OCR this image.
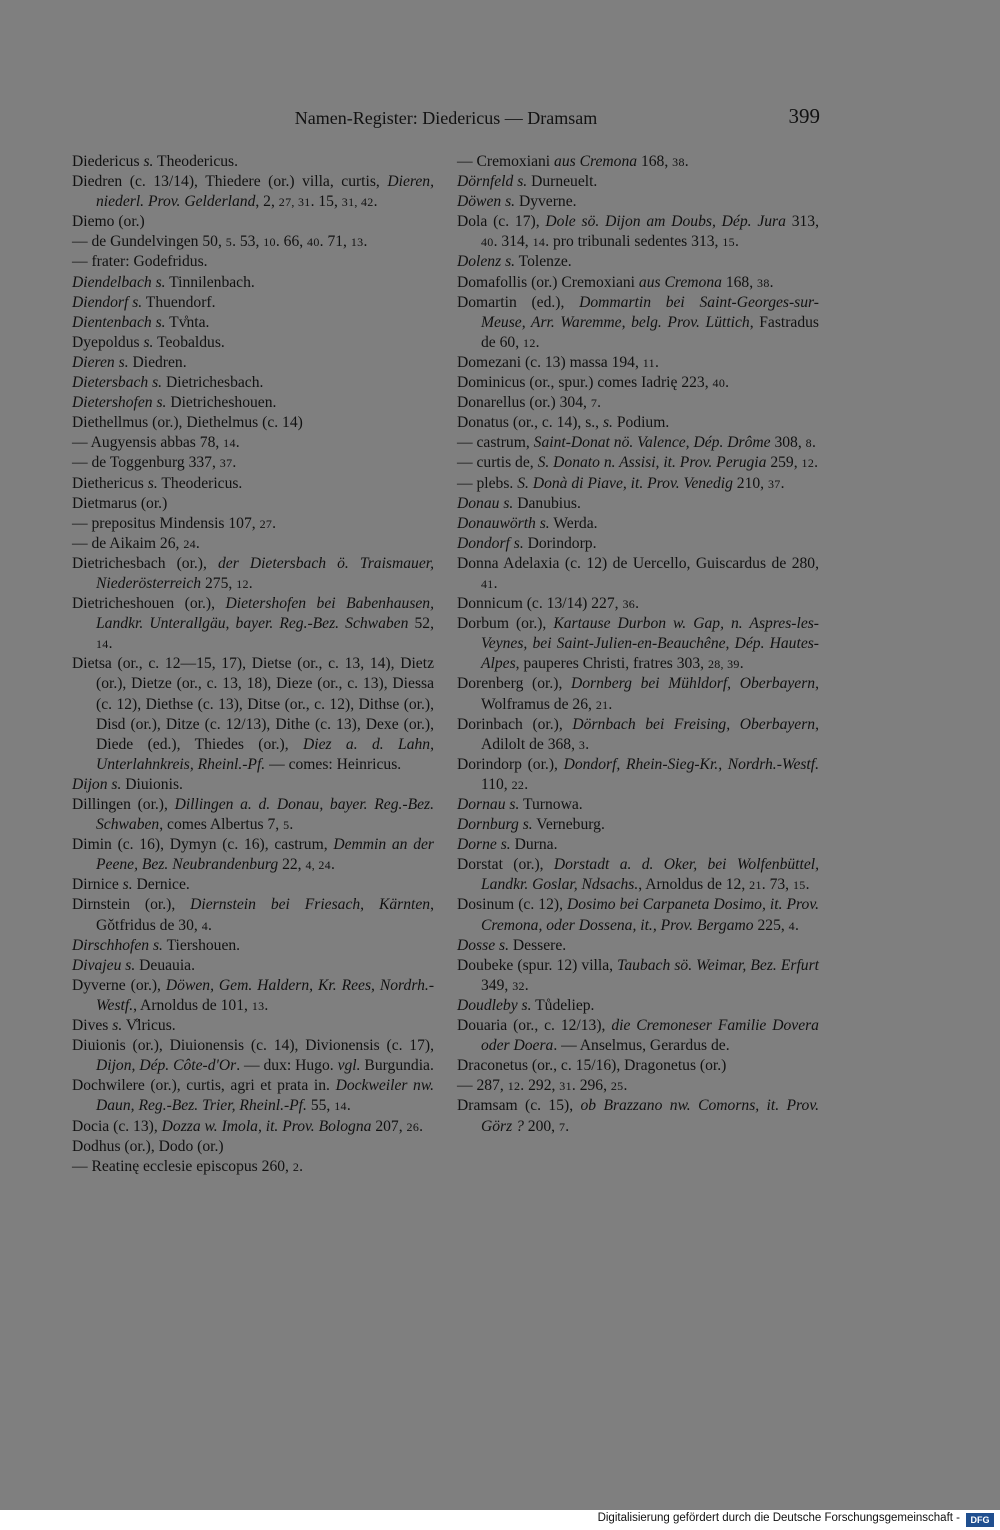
Namen-Register: Diedericus — Dramsam	399
Diedericus s. Theodericus.
Diedren (c. 13/14), Thiedere (or.) villa, curtis, Dieren, niederl. Prov. Gelderland, 2, 27, 31. 15, 31, 42.
Diemo (or.)
— de Gundelvingen 50, 5. 53, 10. 66, 40. 71, 13.
— frater: Godefridus.
Diendelbach s. Tinnilenbach.
Diendorf s. Thuendorf.
Dientenbach s. Tv̊nta.
Dyepoldus s. Teobaldus.
Dieren s. Diedren.
Dietersbach s. Dietrichesbach.
Dietershofen s. Dietricheshouen.
Diethellmus (or.), Diethelmus (c. 14)
— Augyensis abbas 78, 14.
— de Toggenburg 337, 37.
Diethericus s. Theodericus.
Dietmarus (or.)
— prepositus Mindensis 107, 27.
— de Aikaim 26, 24.
Dietrichesbach (or.), der Dietersbach ö. Traismauer, Niederösterreich 275, 12.
Dietricheshouen (or.), Dietershofen bei Babenhausen, Landkr. Unterallgäu, bayer. Reg.-Bez. Schwaben 52, 14.
Dietsa (or., c. 12—15, 17), Dietse (or., c. 13, 14), Dietz (or.), Dietze (or., c. 13, 18), Dieze (or., c. 13), Diessa (c. 12), Diethse (c. 13), Ditse (or., c. 12), Dithse (or.), Disd (or.), Ditze (c. 12/13), Dithe (c. 13), Dexe (or.), Diede (ed.), Thiedes (or.), Diez a. d. Lahn, Unterlahnkreis, Rheinl.-Pf. — comes: Heinricus.
Dijon s. Diuionis.
Dillingen (or.), Dillingen a. d. Donau, bayer. Reg.-Bez. Schwaben, comes Albertus 7, 5.
Dimin (c. 16), Dymyn (c. 16), castrum, Demmin an der Peene, Bez. Neubrandenburg 22, 4, 24.
Dirnice s. Dernice.
Dirnstein (or.), Diernstein bei Friesach, Kärnten, Gǒtfridus de 30, 4.
Dirschhofen s. Tiershouen.
Divajeu s. Deuauia.
Dyverne (or.), Döwen, Gem. Haldern, Kr. Rees, Nordrh.-Westf., Arnoldus de 101, 13.
Dives s. V̊lricus.
Diuionis (or.), Diuionensis (c. 14), Divionensis (c. 17), Dijon, Dép. Côte-d'Or. — dux: Hugo. vgl. Burgundia.
Dochwilere (or.), curtis, agri et prata in. Dockweiler nw. Daun, Reg.-Bez. Trier, Rheinl.-Pf. 55, 14.
Docia (c. 13), Dozza w. Imola, it. Prov. Bologna 207, 26.
Dodhus (or.), Dodo (or.)
— Reatinę ecclesie episcopus 260, 2.
— Cremoxiani aus Cremona 168, 38.
Dörnfeld s. Durneuelt.
Döwen s. Dyverne.
Dola (c. 17), Dole sö. Dijon am Doubs, Dép. Jura 313, 40. 314, 14. pro tribunali sedentes 313, 15.
Dolenz s. Tolenze.
Domafollis (or.) Cremoxiani aus Cremona 168, 38.
Domartin (ed.), Dommartin bei Saint-Georges-sur-Meuse, Arr. Waremme, belg. Prov. Lüttich, Fastradus de 60, 12.
Domezani (c. 13) massa 194, 11.
Dominicus (or., spur.) comes Iadrię 223, 40.
Donarellus (or.) 304, 7.
Donatus (or., c. 14), s., s. Podium.
— castrum, Saint-Donat nö. Valence, Dép. Drôme 308, 8.
— curtis de, S. Donato n. Assisi, it. Prov. Perugia 259, 12.
— plebs. S. Donà di Piave, it. Prov. Venedig 210, 37.
Donau s. Danubius.
Donauwörth s. Werda.
Dondorf s. Dorindorp.
Donna Adelaxia (c. 12) de Uercello, Guiscardus de 280, 41.
Donnicum (c. 13/14) 227, 36.
Dorbum (or.), Kartause Durbon w. Gap, n. Aspres-les-Veynes, bei Saint-Julien-en-Beauchêne, Dép. Hautes-Alpes, pauperes Christi, fratres 303, 28, 39.
Dorenberg (or.), Dornberg bei Mühldorf, Oberbayern, Wolframus de 26, 21.
Dorinbach (or.), Dörnbach bei Freising, Oberbayern, Adilolt de 368, 3.
Dorindorp (or.), Dondorf, Rhein-Sieg-Kr., Nordrh.-Westf. 110, 22.
Dornau s. Turnowa.
Dornburg s. Verneburg.
Dorne s. Durna.
Dorstat (or.), Dorstadt a. d. Oker, bei Wolfenbüttel, Landkr. Goslar, Ndsachs., Arnoldus de 12, 21. 73, 15.
Dosinum (c. 12), Dosimo bei Carpaneta Dosimo, it. Prov. Cremona, oder Dossena, it., Prov. Bergamo 225, 4.
Dosse s. Dessere.
Doubeke (spur. 12) villa, Taubach sö. Weimar, Bez. Erfurt 349, 32.
Doudleby s. Tůdeliep.
Douaria (or., c. 12/13), die Cremoneser Familie Dovera oder Doera. — Anselmus, Gerardus de.
Draconetus (or., c. 15/16), Dragonetus (or.)
— 287, 12. 292, 31. 296, 25.
Dramsam (c. 15), ob Brazzano nw. Comorns, it. Prov. Görz ? 200, 7.
Digitalisierung gefördert durch die Deutsche Forschungsgemeinschaft -	DFG
